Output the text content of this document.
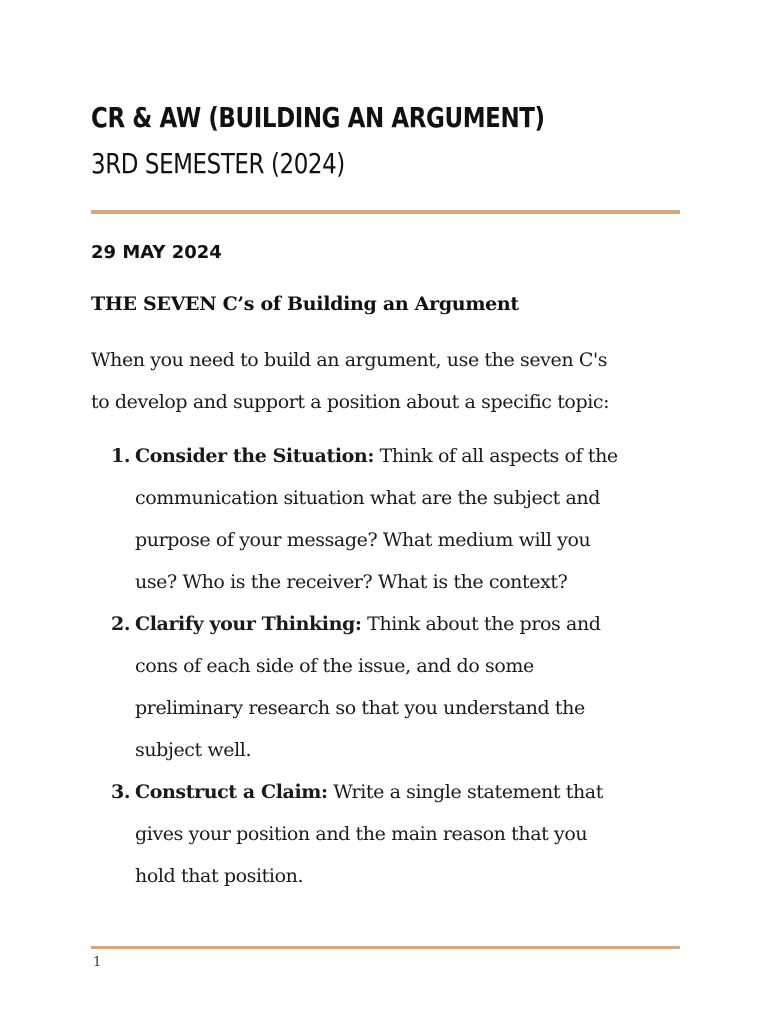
CR & AW (BUILDING AN ARGUMENT)
3RD SEMESTER (2024)
29 MAY 2024
THE SEVEN C’s of Building an Argument

When you need to build an argument, use the seven C's
to develop and support a position about a specific topic:

1. Consider the Situation: Think of all aspects of the
communication situation what are the subject and
purpose of your message? What medium will you
use? Who is the receiver? What is the context?
2. Clarify your Thinking: Think about the pros and
cons of each side of the issue, and do some
preliminary research so that you understand the
subject well.
3. Construct a Claim: Write a single statement that
gives your position and the main reason that you
hold that position.
1
